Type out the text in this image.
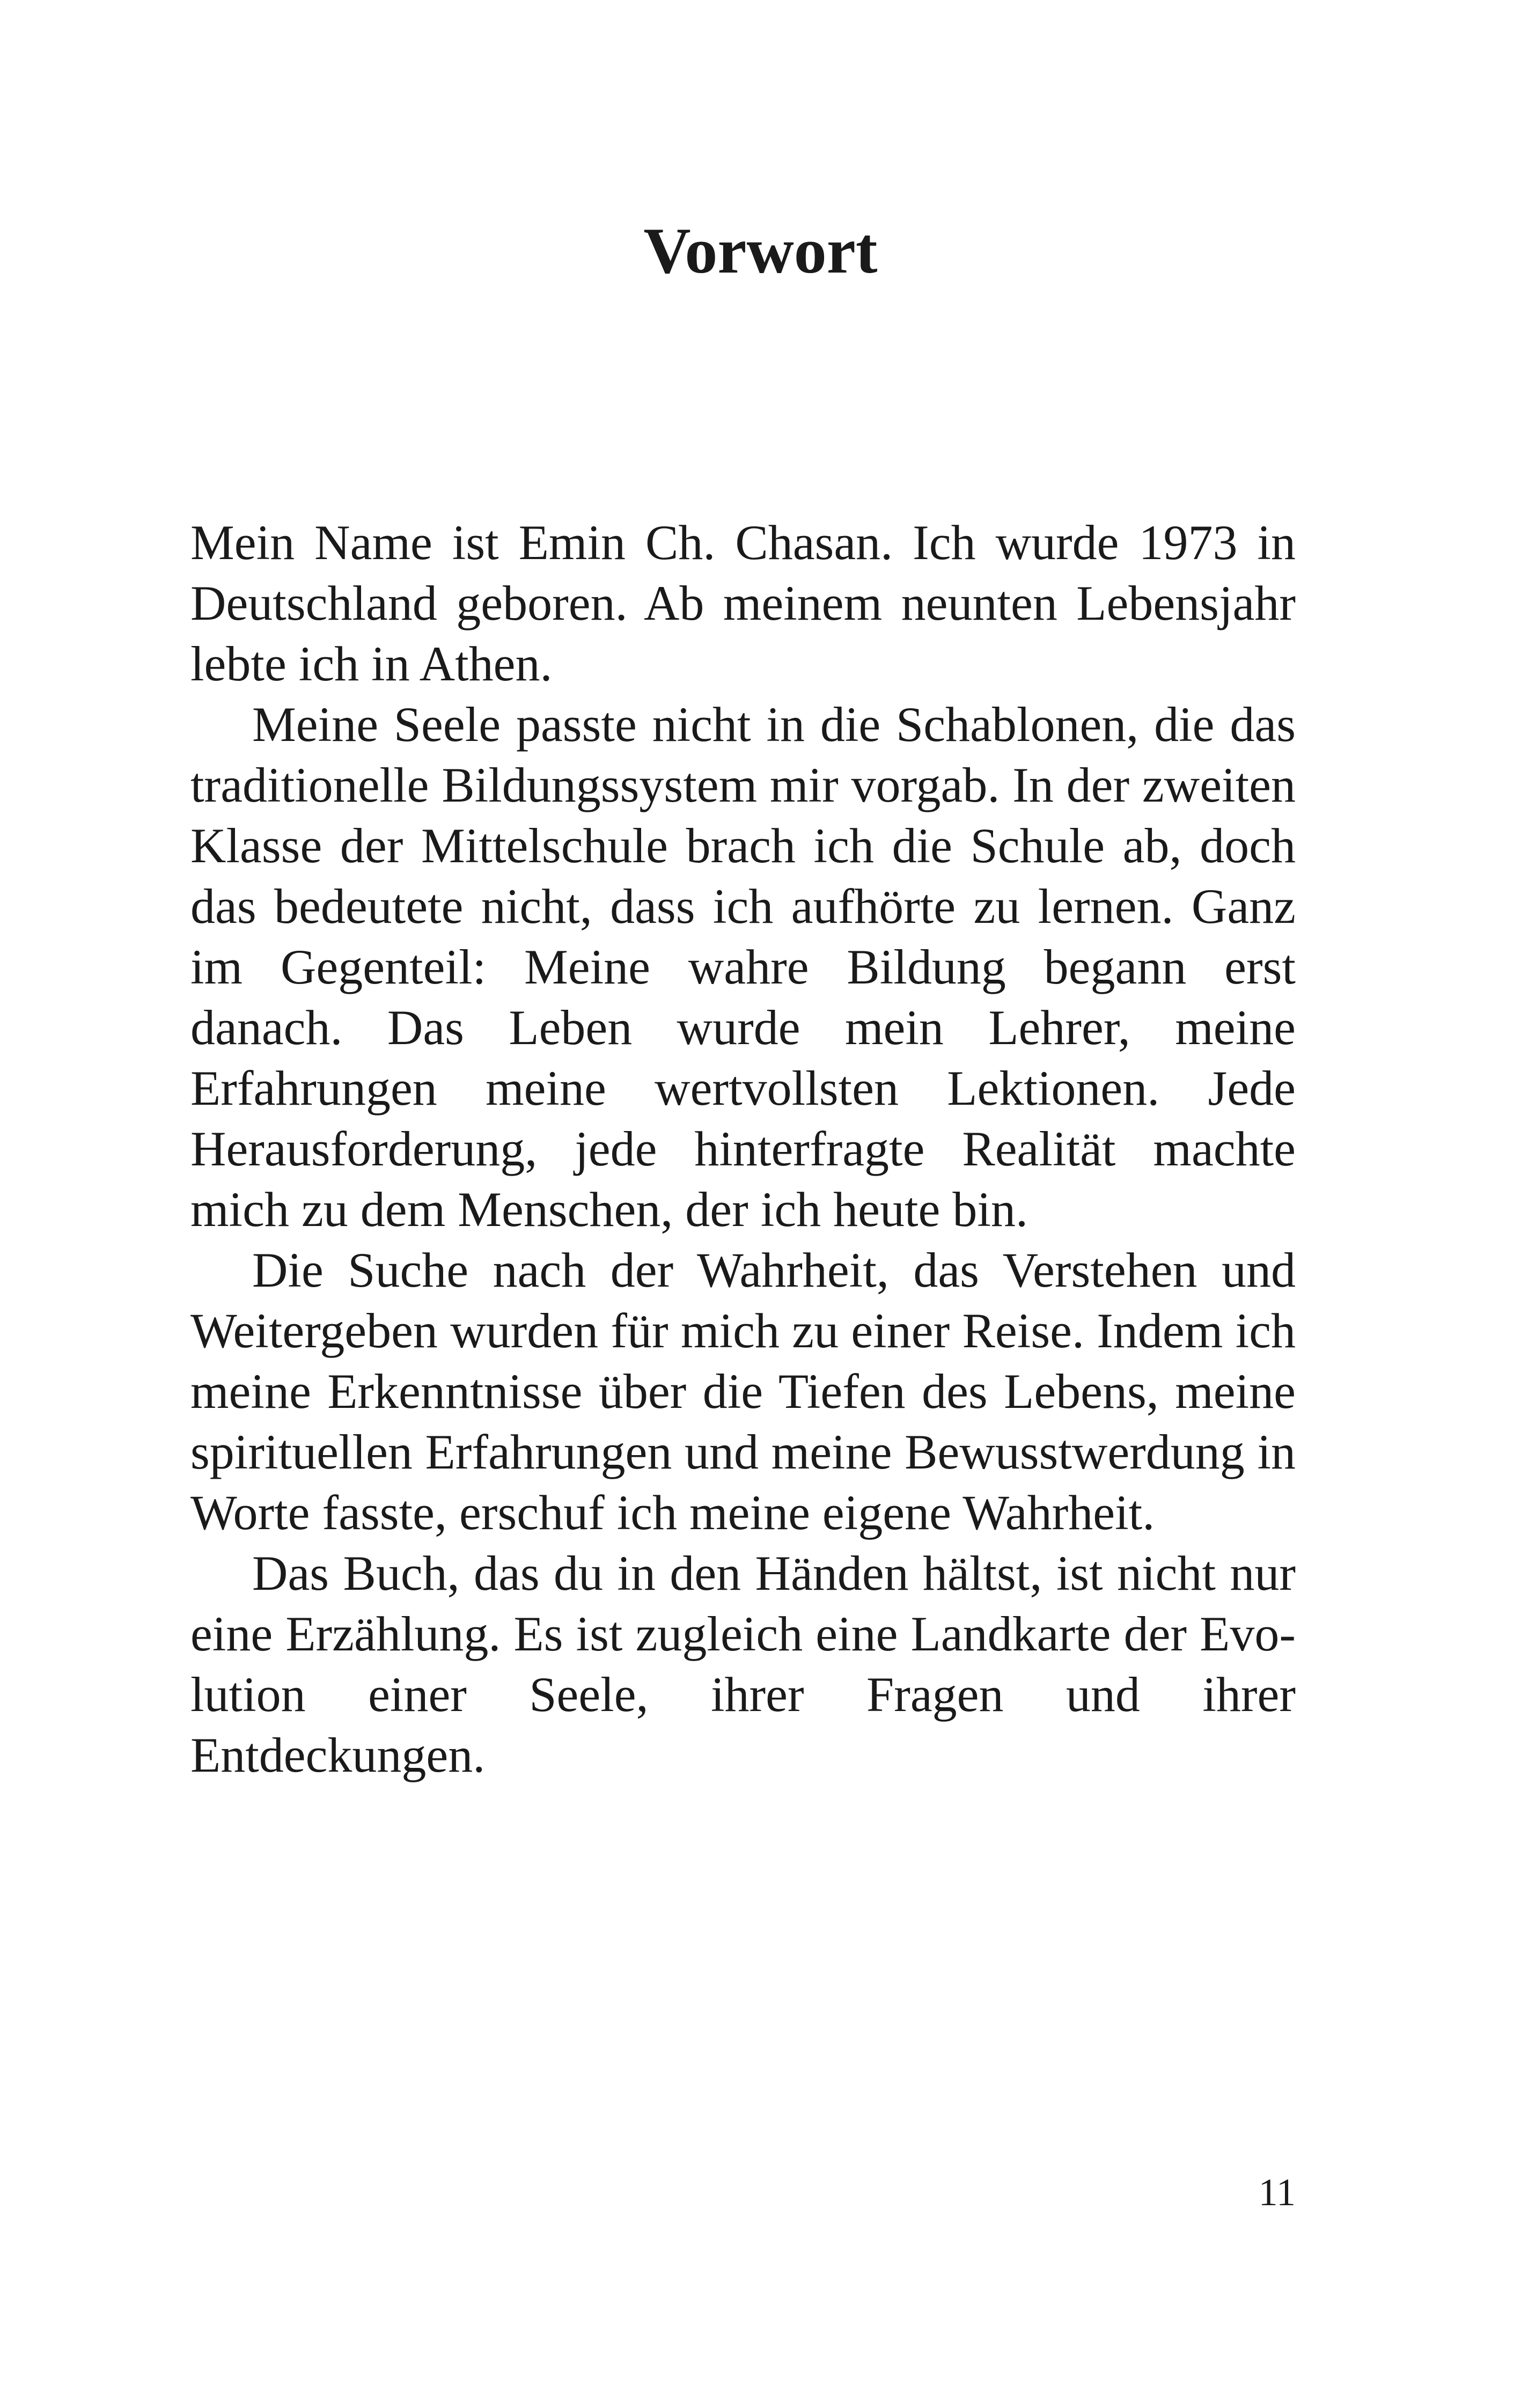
Vorwort

Mein Name ist Emin Ch. Chasan. Ich wurde 1973 in Deutschland geboren. Ab meinem neunten Lebensjahr lebte ich in Athen.

Meine Seele passte nicht in die Schablonen, die das traditionelle Bildungssystem mir vorgab. In der zweiten Klasse der Mittelschule brach ich die Schule ab, doch das bedeutete nicht, dass ich aufhörte zu lernen. Ganz im Gegenteil: Meine wahre Bildung begann erst danach. Das Leben wurde mein Lehrer, meine Erfahrungen meine wertvollsten Lektionen. Jede Herausforderung, jede hinterfragte Realität machte mich zu dem Menschen, der ich heute bin.

Die Suche nach der Wahrheit, das Verstehen und Weitergeben wurden für mich zu einer Reise. Indem ich meine Erkenntnisse über die Tiefen des Lebens, meine spirituellen Erfahrungen und meine Bewusstwerdung in Worte fasste, erschuf ich meine eigene Wahrheit.

Das Buch, das du in den Händen hältst, ist nicht nur eine Erzählung. Es ist zugleich eine Landkarte der Evolution einer Seele, ihrer Fragen und ihrer Entdeckungen.

11
